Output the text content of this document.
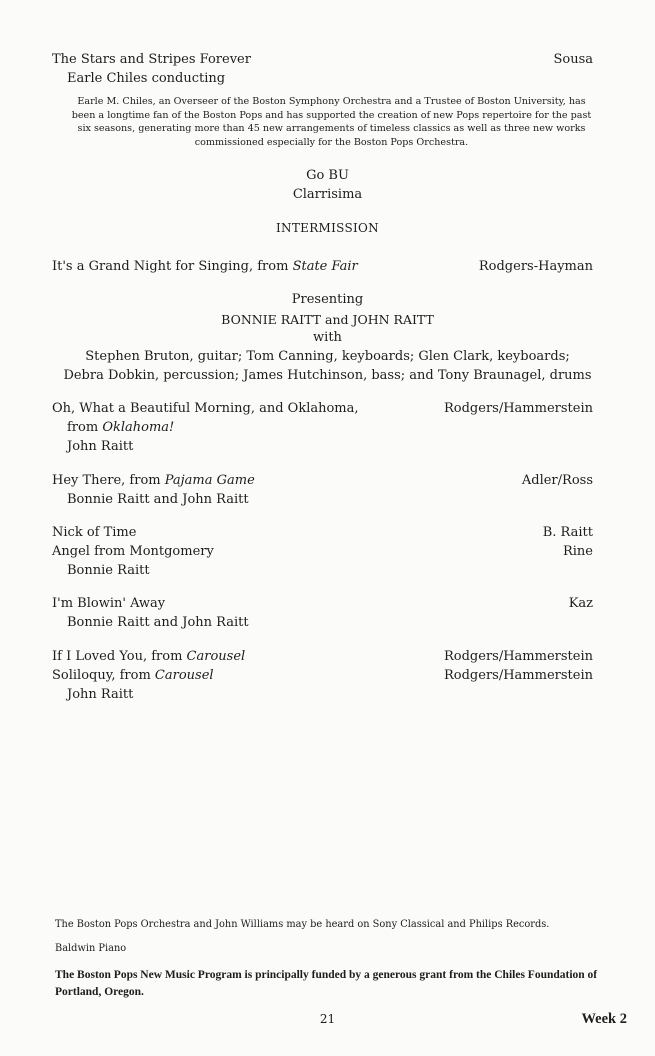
The Stars and Stripes Forever	Sousa
Earle Chiles conducting
Earle M. Chiles, an Overseer of the Boston Symphony Orchestra and a Trustee of Boston University, has been a longtime fan of the Boston Pops and has supported the creation of new Pops repertoire for the past six seasons, generating more than 45 new arrangements of timeless classics as well as three new works commissioned especially for the Boston Pops Orchestra.
Go BU
Clarrisima
INTERMISSION
It's a Grand Night for Singing, from State Fair	Rodgers-Hayman
Presenting
BONNIE RAITT and JOHN RAITT
with
Stephen Bruton, guitar; Tom Canning, keyboards; Glen Clark, keyboards;
Debra Dobkin, percussion; James Hutchinson, bass; and Tony Braunagel, drums
Oh, What a Beautiful Morning, and Oklahoma,	Rodgers/Hammerstein
from Oklahoma!
John Raitt
Hey There, from Pajama Game	Adler/Ross
Bonnie Raitt and John Raitt
Nick of Time	B. Raitt
Angel from Montgomery	Rine
Bonnie Raitt
I'm Blowin' Away	Kaz
Bonnie Raitt and John Raitt
If I Loved You, from Carousel	Rodgers/Hammerstein
Soliloquy, from Carousel	Rodgers/Hammerstein
John Raitt
The Boston Pops Orchestra and John Williams may be heard on Sony Classical and Philips Records.
Baldwin Piano
The Boston Pops New Music Program is principally funded by a generous grant from the Chiles Foundation of Portland, Oregon.
21	Week 2
